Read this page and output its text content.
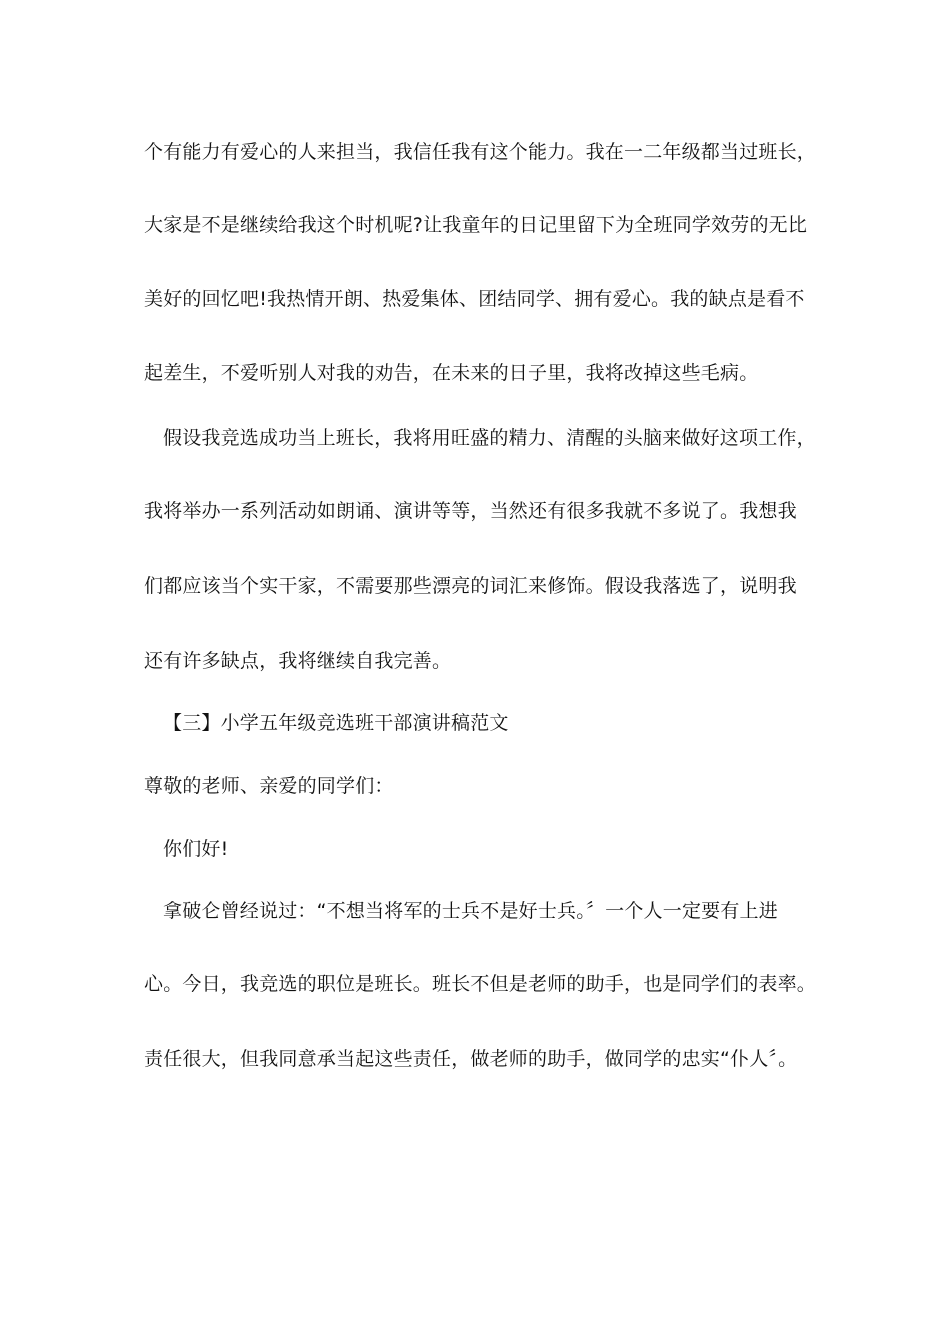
个有能力有爱心的人来担当，我信任我有这个能力。我在一二年级都当过班长，
大家是不是继续给我这个时机呢?让我童年的日记里留下为全班同学效劳的无比
美好的回忆吧!我热情开朗、热爱集体、团结同学、拥有爱心。我的缺点是看不
起差生，不爱听别人对我的劝告，在未来的日子里，我将改掉这些毛病。
假设我竞选成功当上班长，我将用旺盛的精力、清醒的头脑来做好这项工作，
我将举办一系列活动如朗诵、演讲等等，当然还有很多我就不多说了。我想我
们都应该当个实干家，不需要那些漂亮的词汇来修饰。假设我落选了，说明我
还有许多缺点，我将继续自我完善。
【三】小学五年级竞选班干部演讲稿范文
尊敬的老师、亲爱的同学们：
你们好!
拿破仑曾经说过：“不想当将军的士兵不是好士兵。〞一个人一定要有上进
心。今日，我竞选的职位是班长。班长不但是老师的助手，也是同学们的表率。
责任很大，但我同意承当起这些责任，做老师的助手，做同学的忠实“仆人〞。
